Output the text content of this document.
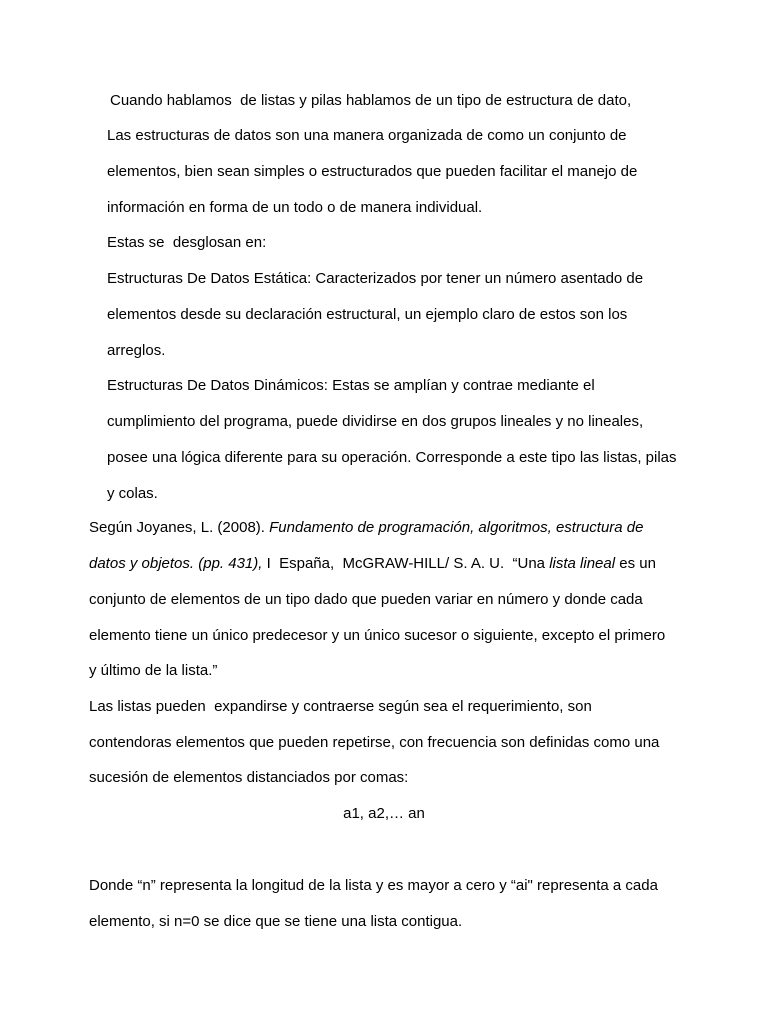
Cuando hablamos  de listas y pilas hablamos de un tipo de estructura de dato,
Las estructuras de datos son una manera organizada de como un conjunto de
elementos, bien sean simples o estructurados que pueden facilitar el manejo de
información en forma de un todo o de manera individual.
Estas se  desglosan en:
Estructuras De Datos Estática: Caracterizados por tener un número asentado de
elementos desde su declaración estructural, un ejemplo claro de estos son los
arreglos.
Estructuras De Datos Dinámicos: Estas se amplían y contrae mediante el
cumplimiento del programa, puede dividirse en dos grupos lineales y no lineales,
posee una lógica diferente para su operación. Corresponde a este tipo las listas, pilas
y colas.
Según Joyanes, L. (2008). Fundamento de programación, algoritmos, estructura de
datos y objetos. (pp. 431), I  España,  McGRAW-HILL/ S. A. U.  “Una lista lineal es un
conjunto de elementos de un tipo dado que pueden variar en número y donde cada
elemento tiene un único predecesor y un único sucesor o siguiente, excepto el primero
y último de la lista.”
Las listas pueden  expandirse y contraerse según sea el requerimiento, son
contendoras elementos que pueden repetirse, con frecuencia son definidas como una
sucesión de elementos distanciados por comas:
a1, a2,… an
Donde “n” representa la longitud de la lista y es mayor a cero y “ai" representa a cada
elemento, si n=0 se dice que se tiene una lista contigua.
